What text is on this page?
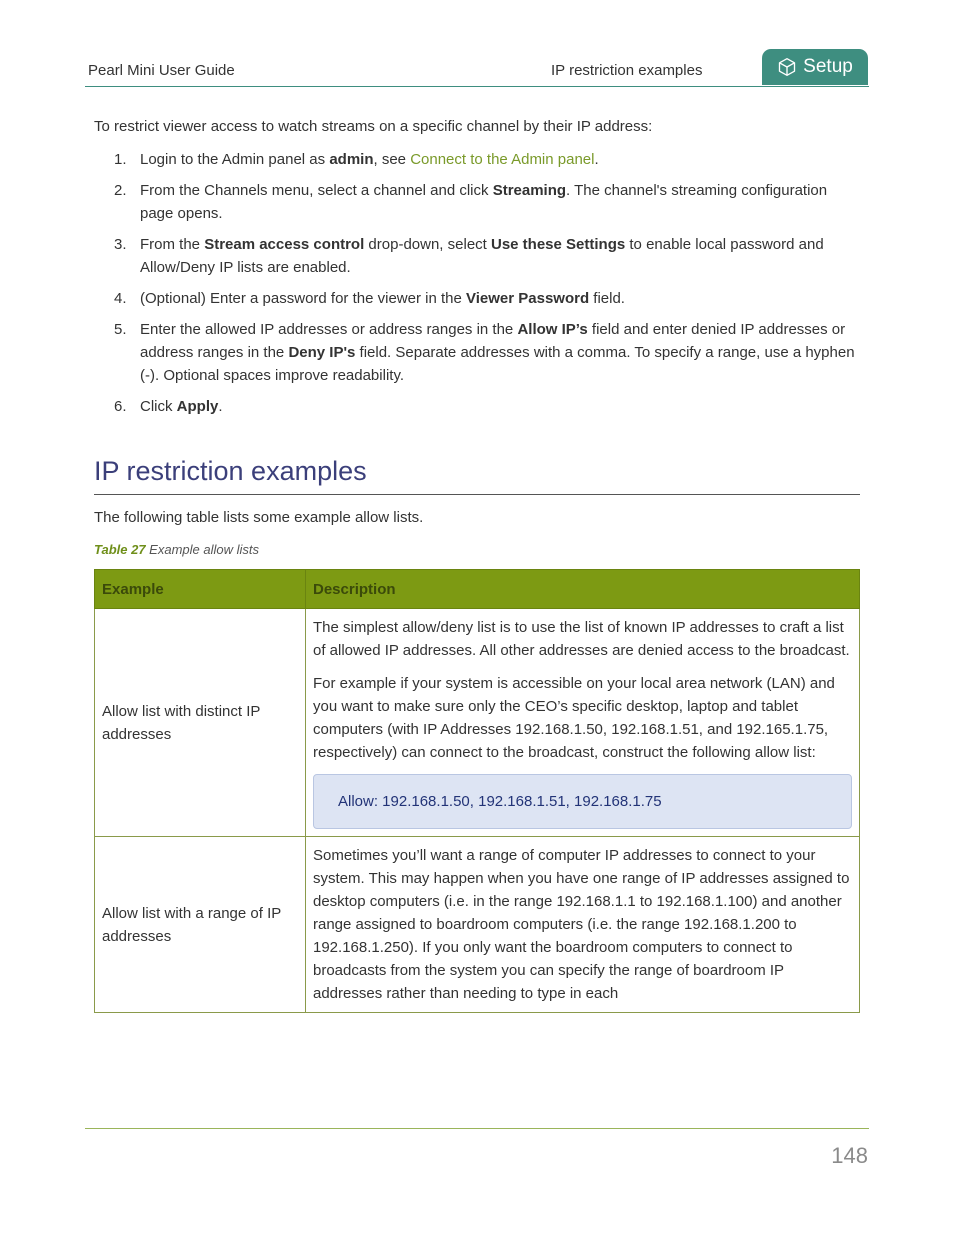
Pearl Mini User Guide	IP restriction examples	Setup
To restrict viewer access to watch streams on a specific channel by their IP address:
1. Login to the Admin panel as admin, see Connect to the Admin panel.
2. From the Channels menu, select a channel and click Streaming. The channel's streaming configuration page opens.
3. From the Stream access control drop-down, select Use these Settings to enable local password and Allow/Deny IP lists are enabled.
4. (Optional) Enter a password for the viewer in the Viewer Password field.
5. Enter the allowed IP addresses or address ranges in the Allow IP’s field and enter denied IP addresses or address ranges in the Deny IP's field. Separate addresses with a comma. To specify a range, use a hyphen (-). Optional spaces improve readability.
6. Click Apply.
IP restriction examples
The following table lists some example allow lists.
Table 27 Example allow lists
Example	Description
Allow list with distinct IP addresses	The simplest allow/deny list is to use the list of known IP addresses to craft a list of allowed IP addresses. All other addresses are denied access to the broadcast.

For example if your system is accessible on your local area network (LAN) and you want to make sure only the CEO’s specific desktop, laptop and tablet computers (with IP Addresses 192.168.1.50, 192.168.1.51, and 192.165.1.75, respectively) can connect to the broadcast, construct the following allow list:

Allow: 192.168.1.50, 192.168.1.51, 192.168.1.75

Allow list with a range of IP addresses	Sometimes you’ll want a range of computer IP addresses to connect to your system. This may happen when you have one range of IP addresses assigned to desktop computers (i.e. in the range 192.168.1.1 to 192.168.1.100) and another range assigned to boardroom computers (i.e. the range 192.168.1.200 to 192.168.1.250). If you only want the boardroom computers to connect to broadcasts from the system you can specify the range of boardroom IP addresses rather than needing to type in each

148
